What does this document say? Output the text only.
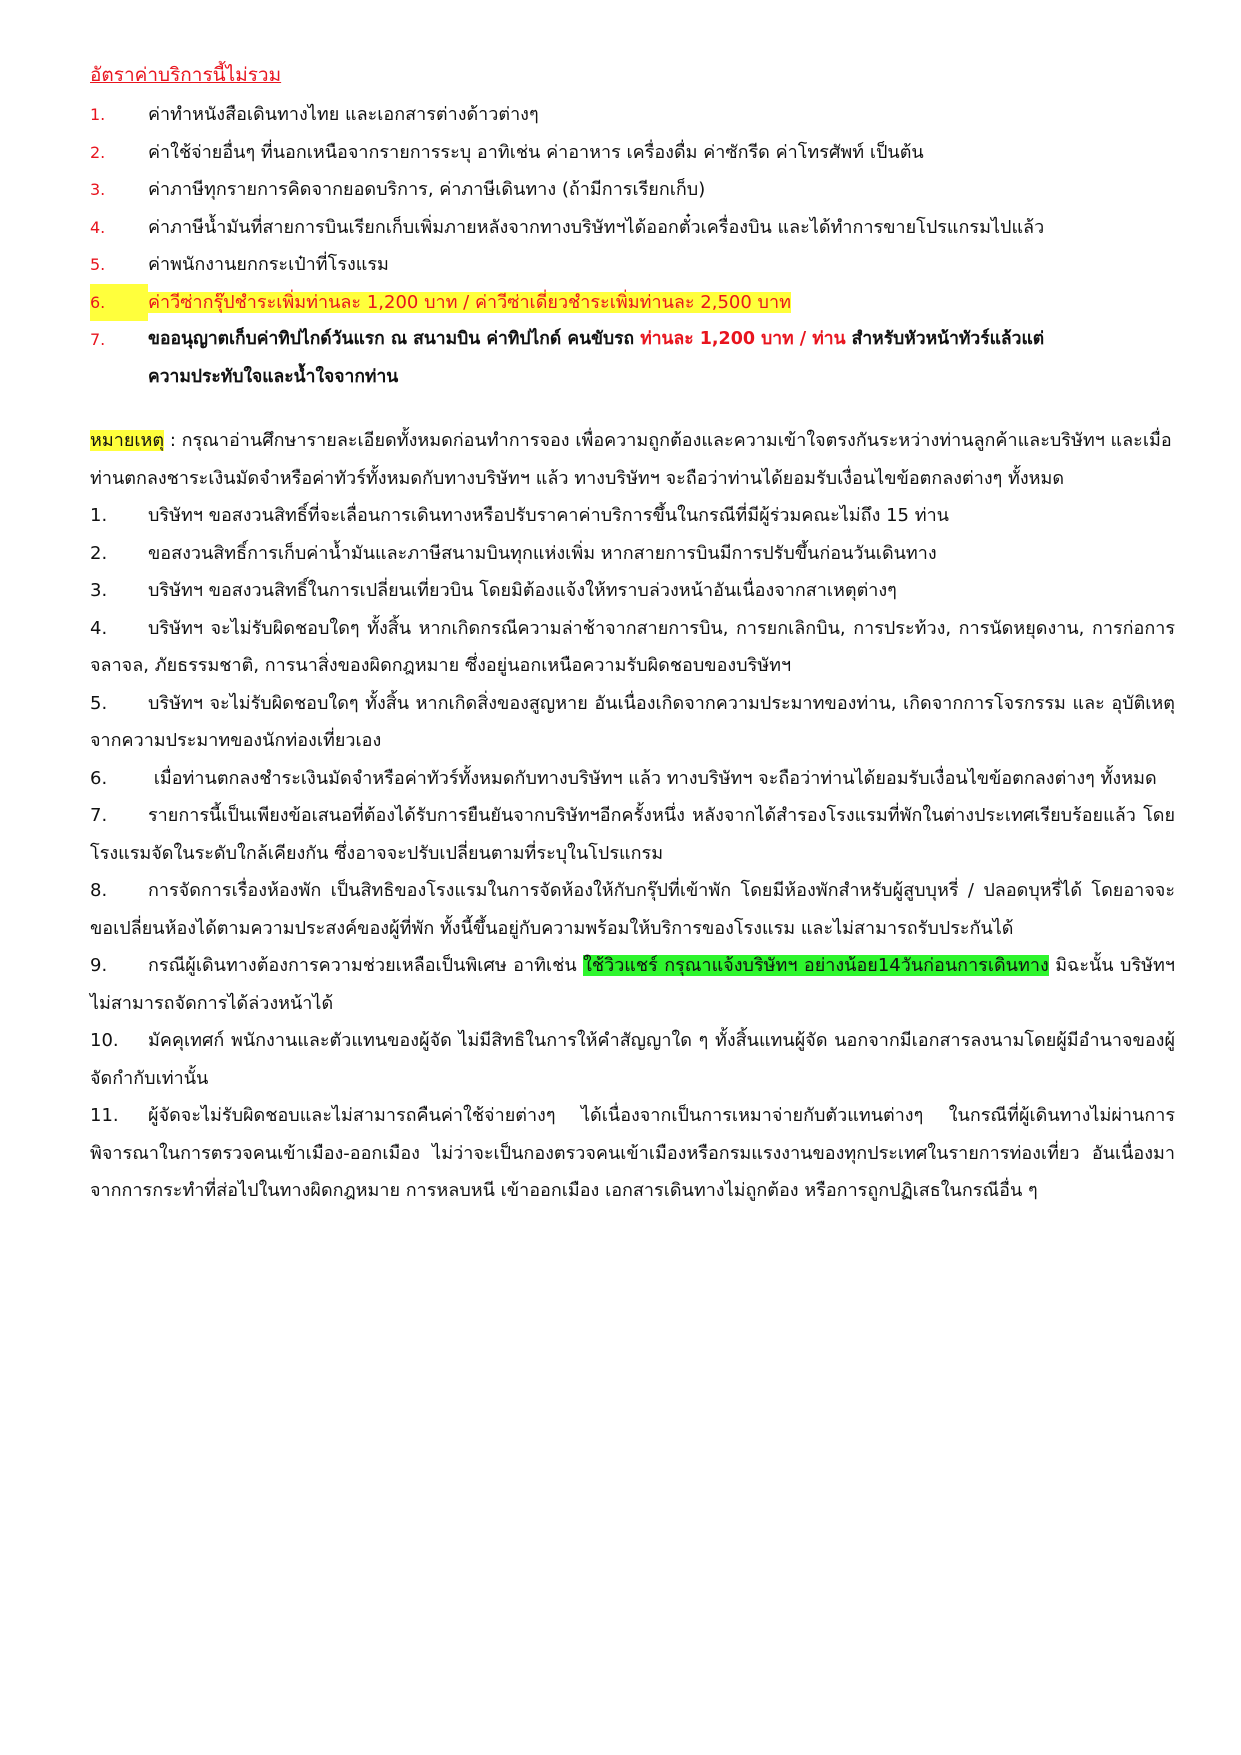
อัตราค่าบริการนี้ไม่รวม
1.	ค่าทำหนังสือเดินทางไทย และเอกสารต่างด้าวต่างๆ
2.	ค่าใช้จ่ายอื่นๆ ที่นอกเหนือจากรายการระบุ อาทิเช่น ค่าอาหาร เครื่องดื่ม ค่าซักรีด ค่าโทรศัพท์ เป็นต้น
3.	ค่าภาษีทุกรายการคิดจากยอดบริการ, ค่าภาษีเดินทาง (ถ้ามีการเรียกเก็บ)
4.	ค่าภาษีน้ำมันที่สายการบินเรียกเก็บเพิ่มภายหลังจากทางบริษัทฯได้ออกตั๋วเครื่องบิน และได้ทำการขายโปรแกรมไปแล้ว
5.	ค่าพนักงานยกกระเป๋าที่โรงแรม
6.	ค่าวีซ่ากรุ๊ปชำระเพิ่มท่านละ 1,200 บาท / ค่าวีซ่าเดี่ยวชำระเพิ่มท่านละ 2,500 บาท
7.	ขออนุญาตเก็บค่าทิปไกด์วันแรก ณ สนามบิน ค่าทิปไกด์ คนขับรถ ท่านละ 1,200 บาท / ท่าน สำหรับหัวหน้าทัวร์แล้วแต่
ความประทับใจและน้ำใจจากท่าน
หมายเหตุ : กรุณาอ่านศึกษารายละเอียดทั้งหมดก่อนทำการจอง เพื่อความถูกต้องและความเข้าใจตรงกันระหว่างท่านลูกค้าและบริษัทฯ และเมื่อท่านตกลงชาระเงินมัดจำหรือค่าทัวร์ทั้งหมดกับทางบริษัทฯ แล้ว ทางบริษัทฯ จะถือว่าท่านได้ยอมรับเงื่อนไขข้อตกลงต่างๆ ทั้งหมด
1. บริษัทฯ ขอสงวนสิทธิ์ที่จะเลื่อนการเดินทางหรือปรับราคาค่าบริการขึ้นในกรณีที่มีผู้ร่วมคณะไม่ถึง 15 ท่าน
2. ขอสงวนสิทธิ์การเก็บค่าน้ำมันและภาษีสนามบินทุกแห่งเพิ่ม หากสายการบินมีการปรับขึ้นก่อนวันเดินทาง
3. บริษัทฯ ขอสงวนสิทธิ์ในการเปลี่ยนเที่ยวบิน โดยมิต้องแจ้งให้ทราบล่วงหน้าอันเนื่องจากสาเหตุต่างๆ
4. บริษัทฯ จะไม่รับผิดชอบใดๆ ทั้งสิ้น หากเกิดกรณีความล่าช้าจากสายการบิน, การยกเลิกบิน, การประท้วง, การนัดหยุดงาน, การก่อการจลาจล, ภัยธรรมชาติ, การนาสิ่งของผิดกฎหมาย ซึ่งอยู่นอกเหนือความรับผิดชอบของบริษัทฯ
5. บริษัทฯ จะไม่รับผิดชอบใดๆ ทั้งสิ้น หากเกิดสิ่งของสูญหาย อันเนื่องเกิดจากความประมาทของท่าน, เกิดจากการโจรกรรม และ อุบัติเหตุจากความประมาทของนักท่องเที่ยวเอง
6. เมื่อท่านตกลงชำระเงินมัดจำหรือค่าทัวร์ทั้งหมดกับทางบริษัทฯ แล้ว ทางบริษัทฯ จะถือว่าท่านได้ยอมรับเงื่อนไขข้อตกลงต่างๆ ทั้งหมด
7. รายการนี้เป็นเพียงข้อเสนอที่ต้องได้รับการยืนยันจากบริษัทฯอีกครั้งหนึ่ง หลังจากได้สำรองโรงแรมที่พักในต่างประเทศเรียบร้อยแล้ว โดยโรงแรมจัดในระดับใกล้เคียงกัน ซึ่งอาจจะปรับเปลี่ยนตามที่ระบุในโปรแกรม
8. การจัดการเรื่องห้องพัก เป็นสิทธิของโรงแรมในการจัดห้องให้กับกรุ๊ปที่เข้าพัก โดยมีห้องพักสำหรับผู้สูบบุหรี่ / ปลอดบุหรี่ได้ โดยอาจจะขอเปลี่ยนห้องได้ตามความประสงค์ของผู้ที่พัก ทั้งนี้ขึ้นอยู่กับความพร้อมให้บริการของโรงแรม และไม่สามารถรับประกันได้
9. กรณีผู้เดินทางต้องการความช่วยเหลือเป็นพิเศษ อาทิเช่น ใช้วิวแชร์ กรุณาแจ้งบริษัทฯ อย่างน้อย14วันก่อนการเดินทาง มิฉะนั้น บริษัทฯไม่สามารถจัดการได้ล่วงหน้าได้
10. มัคคุเทศก์ พนักงานและตัวแทนของผู้จัด ไม่มีสิทธิในการให้คำสัญญาใด ๆ ทั้งสิ้นแทนผู้จัด นอกจากมีเอกสารลงนามโดยผู้มีอำนาจของผู้จัดกำกับเท่านั้น
11. ผู้จัดจะไม่รับผิดชอบและไม่สามารถคืนค่าใช้จ่ายต่างๆ ได้เนื่องจากเป็นการเหมาจ่ายกับตัวแทนต่างๆ ในกรณีที่ผู้เดินทางไม่ผ่านการพิจารณาในการตรวจคนเข้าเมือง-ออกเมือง ไม่ว่าจะเป็นกองตรวจคนเข้าเมืองหรือกรมแรงงานของทุกประเทศในรายการท่องเที่ยว อันเนื่องมาจากการกระทำที่ส่อไปในทางผิดกฎหมาย การหลบหนี เข้าออกเมือง เอกสารเดินทางไม่ถูกต้อง หรือการถูกปฏิเสธในกรณีอื่น ๆ
